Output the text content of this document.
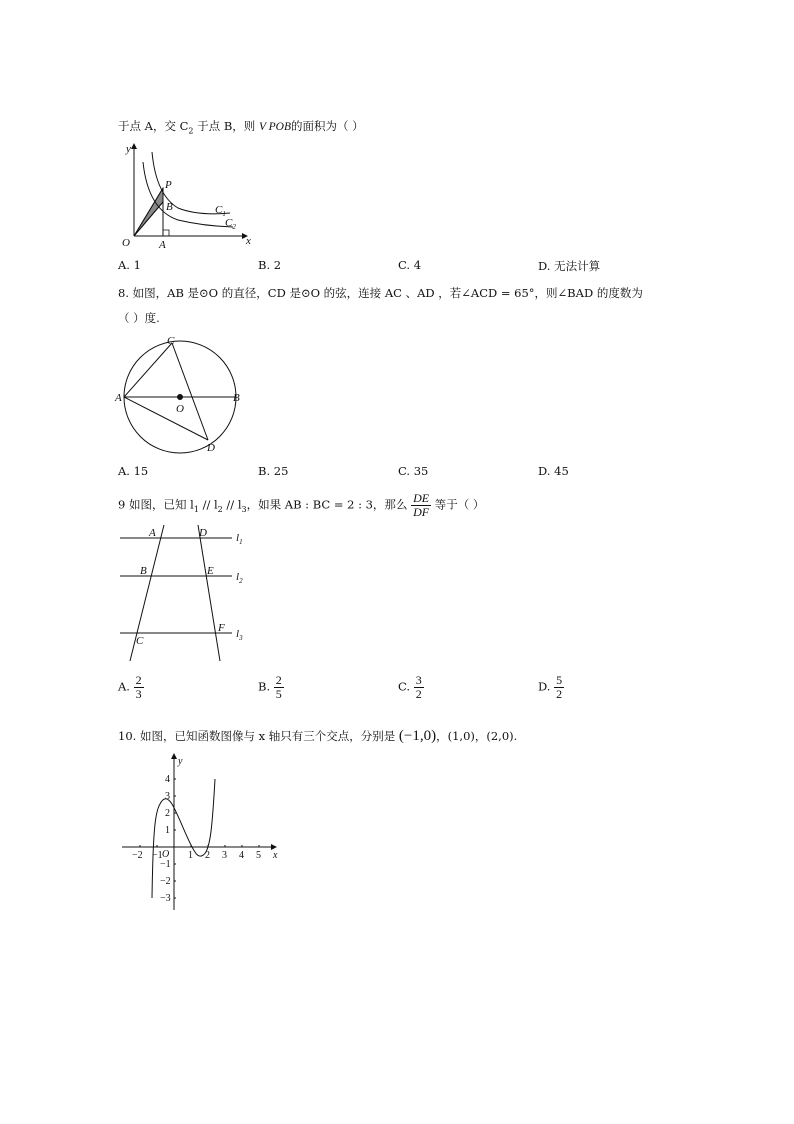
于点 A，交 $C_2$ 于点 B，则 V POB的面积为（ ）
y
x
O	A
B
P
$C_1$
$C_2$
A. 1	B. 2	C. 4	D. 无法计算
8. 如图，AB 是⊙O 的直径，CD 是⊙O 的弦，连接 AC 、AD ，若∠ACD = 65°，则∠BAD 的度数为
（ ）度.
A	B
C
D
O
A. 15	B. 25	C. 35	D. 45
9 如图，已知 $l_1 // l_2 // l_3$，如果 AB : BC = 2 : 3，那么 $\frac{DE}{DF}$ 等于（ ）
A	D
B	E
C
F
$l_1$
$l_2$
$l_3$
A. $\frac{2}{3}$	B. $\frac{2}{5}$	C. $\frac{3}{2}$	D. $\frac{5}{2}$
10. 如图，已知函数图像与 x 轴只有三个交点，分别是 (−1,0)，(1,0)，(2,0).
y
x
O
−2 −1	1 2 3 4 5
4
3
2
1
−1
−2
−3
